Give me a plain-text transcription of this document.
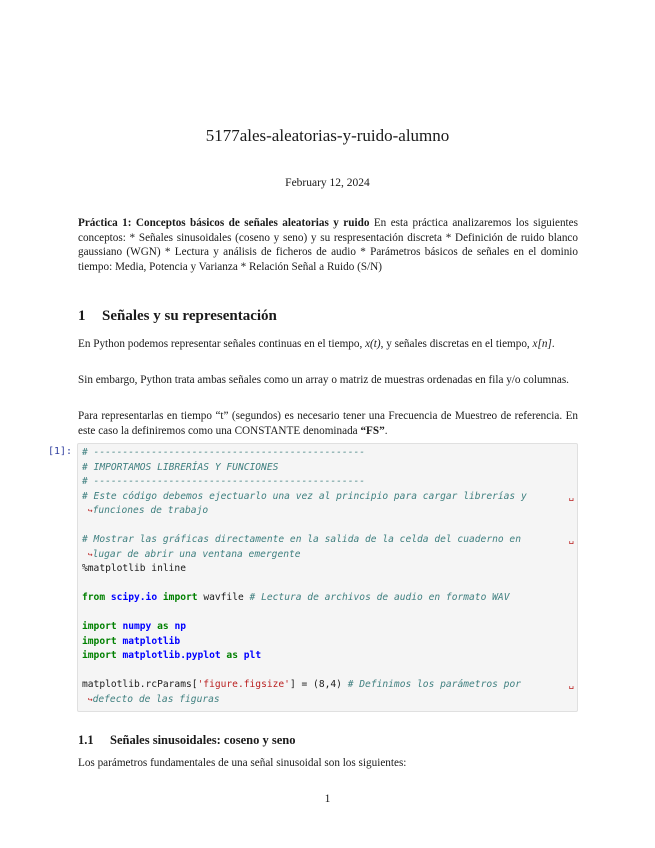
5177ales-aleatorias-y-ruido-alumno
February 12, 2024
Práctica 1: Conceptos básicos de señales aleatorias y ruido En esta práctica analizaremos los siguientes conceptos: * Señales sinusoidales (coseno y seno) y su respresentación discreta * Definición de ruido blanco gaussiano (WGN) * Lectura y análisis de ficheros de audio * Parámetros básicos de señales en el dominio tiempo: Media, Potencia y Varianza * Relación Señal a Ruido (S/N)
1 Señales y su representación
En Python podemos representar señales continuas en el tiempo, x(t), y señales discretas en el tiempo, x[n].
Sin embargo, Python trata ambas señales como un array o matriz de muestras ordenadas en fila y/o columnas.
Para representarlas en tiempo “t” (segundos) es necesario tener una Frecuencia de Muestreo de referencia. En este caso la definiremos como una CONSTANTE denominada “FS”.
[1]: # -----------------------------------------------
# IMPORTAMOS LIBRERÍAS Y FUNCIONES
# -----------------------------------------------
# Este código debemos ejectuarlo una vez al principio para cargar librerías y	␣
↪funciones de trabajo
# Mostrar las gráficas directamente en la salida de la celda del cuaderno en	␣
↪lugar de abrir una ventana emergente
%matplotlib inline
from scipy.io import wavfile # Lectura de archivos de audio en formato WAV
import numpy as np
import matplotlib
import matplotlib.pyplot as plt
matplotlib.rcParams['figure.figsize'] = (8,4) # Definimos los parámetros por	␣
↪defecto de las figuras
1.1 Señales sinusoidales: coseno y seno
Los parámetros fundamentales de una señal sinusoidal son los siguientes:
1
